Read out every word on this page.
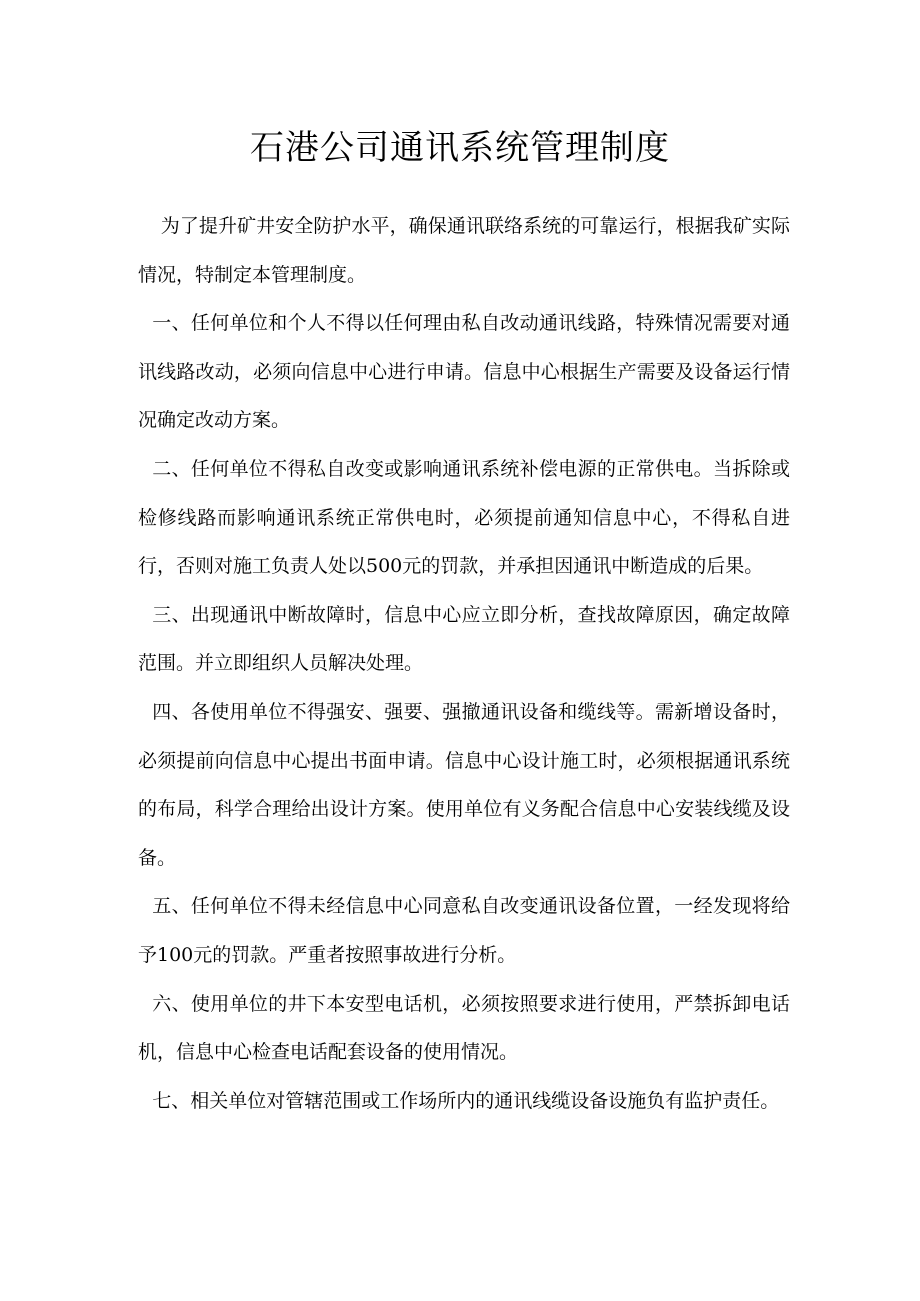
石港公司通讯系统管理制度

为了提升矿井安全防护水平，确保通讯联络系统的可靠运行，根据我矿实际情况，特制定本管理制度。

一、任何单位和个人不得以任何理由私自改动通讯线路，特殊情况需要对通讯线路改动，必须向信息中心进行申请。信息中心根据生产需要及设备运行情况确定改动方案。

二、任何单位不得私自改变或影响通讯系统补偿电源的正常供电。当拆除或检修线路而影响通讯系统正常供电时，必须提前通知信息中心，不得私自进行，否则对施工负责人处以500元的罚款，并承担因通讯中断造成的后果。

三、出现通讯中断故障时，信息中心应立即分析，查找故障原因，确定故障范围。并立即组织人员解决处理。

四、各使用单位不得强安、强要、强撤通讯设备和缆线等。需新增设备时，必须提前向信息中心提出书面申请。信息中心设计施工时，必须根据通讯系统的布局，科学合理给出设计方案。使用单位有义务配合信息中心安装线缆及设备。

五、任何单位不得未经信息中心同意私自改变通讯设备位置，一经发现将给予100元的罚款。严重者按照事故进行分析。

六、使用单位的井下本安型电话机，必须按照要求进行使用，严禁拆卸电话机，信息中心检查电话配套设备的使用情况。

七、相关单位对管辖范围或工作场所内的通讯线缆设备设施负有监护责任。
